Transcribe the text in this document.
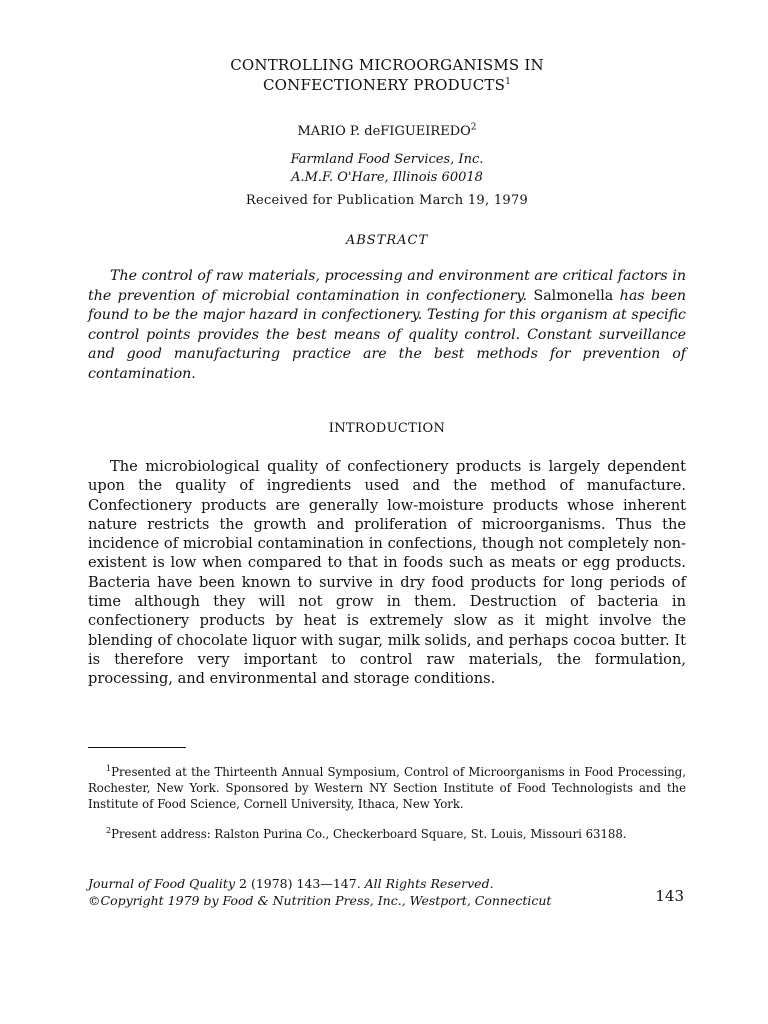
CONTROLLING MICROORGANISMS IN
CONFECTIONERY PRODUCTS$^1$
MARIO P. deFIGUEIREDO$^2$
Farmland Food Services, Inc.
A.M.F. O'Hare, Illinois 60018
Received for Publication March 19, 1979
ABSTRACT
The control of raw materials, processing and environment are critical factors in the prevention of microbial contamination in confectionery. Salmonella has been found to be the major hazard in confectionery. Testing for this organism at specific control points provides the best means of quality control. Constant surveillance and good manufacturing practice are the best methods for prevention of contamination.
INTRODUCTION
The microbiological quality of confectionery products is largely dependent upon the quality of ingredients used and the method of manufacture. Confectionery products are generally low-moisture products whose inherent nature restricts the growth and proliferation of microorganisms. Thus the incidence of microbial contamination in confections, though not completely non-existent is low when compared to that in foods such as meats or egg products. Bacteria have been known to survive in dry food products for long periods of time although they will not grow in them. Destruction of bacteria in confectionery products by heat is extremely slow as it might involve the blending of chocolate liquor with sugar, milk solids, and perhaps cocoa butter. It is therefore very important to control raw materials, the formulation, processing, and environmental and storage conditions.
$^1$Presented at the Thirteenth Annual Symposium, Control of Microorganisms in Food Processing, Rochester, New York. Sponsored by Western NY Section Institute of Food Technologists and the Institute of Food Science, Cornell University, Ithaca, New York.
$^2$Present address: Ralston Purina Co., Checkerboard Square, St. Louis, Missouri 63188.
Journal of Food Quality 2 (1978) 143—147. All Rights Reserved.
©Copyright 1979 by Food & Nutrition Press, Inc., Westport, Connecticut	143
